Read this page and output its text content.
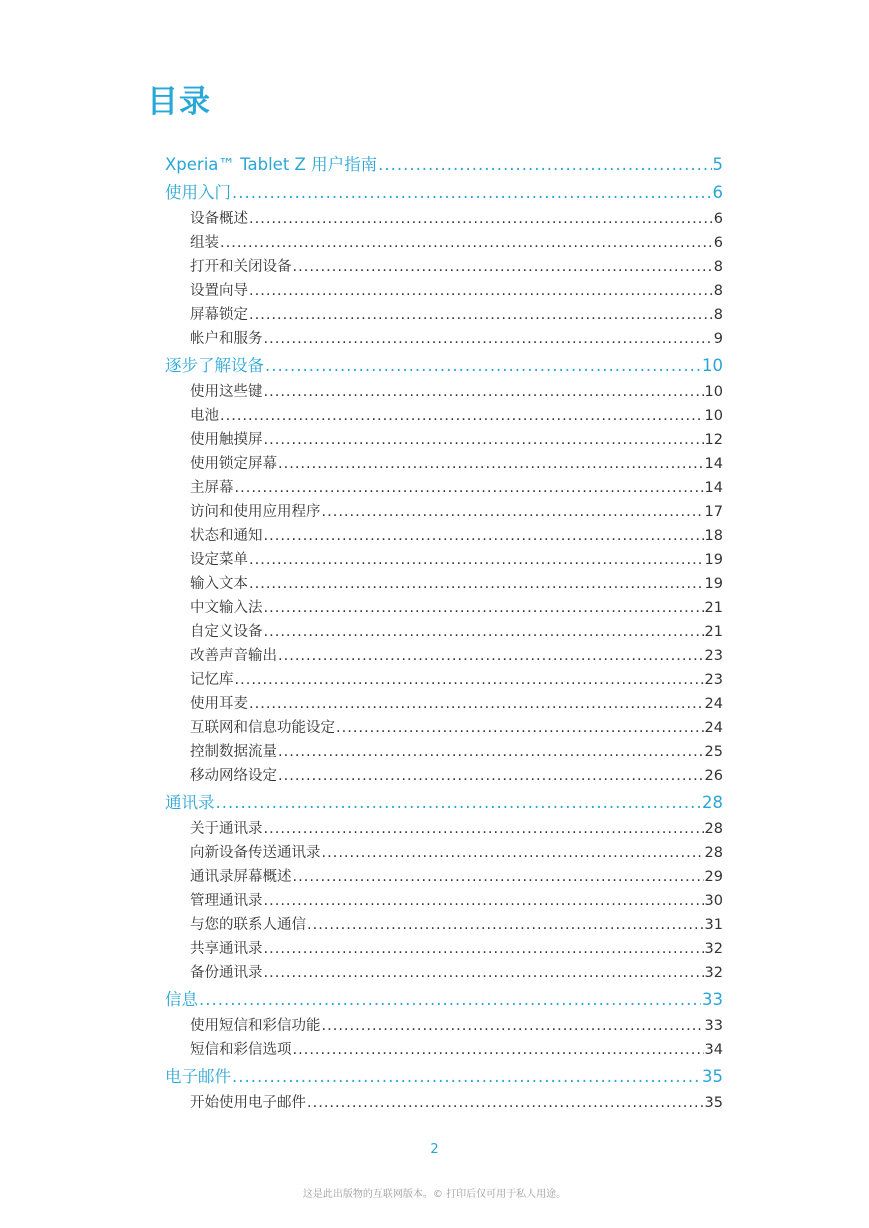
目录
Xperia™ Tablet Z 用户指南 .....	5
使用入门 .....	6
设备概述 .....	6
组装 .....	6
打开和关闭设备 .....	8
设置向导 .....	8
屏幕锁定 .....	8
帐户和服务 .....	9
逐步了解设备 .....	10
使用这些键 .....	10
电池 .....	10
使用触摸屏 .....	12
使用锁定屏幕 .....	14
主屏幕 .....	14
访问和使用应用程序 .....	17
状态和通知 .....	18
设定菜单 .....	19
输入文本 .....	19
中文输入法 .....	21
自定义设备 .....	21
改善声音输出 .....	23
记忆库 .....	23
使用耳麦 .....	24
互联网和信息功能设定 .....	24
控制数据流量 .....	25
移动网络设定 .....	26
通讯录 .....	28
关于通讯录 .....	28
向新设备传送通讯录 .....	28
通讯录屏幕概述 .....	29
管理通讯录 .....	30
与您的联系人通信 .....	31
共享通讯录 .....	32
备份通讯录 .....	32
信息 .....	33
使用短信和彩信功能 .....	33
短信和彩信选项 .....	34
电子邮件 .....	35
开始使用电子邮件 .....	35
2
这是此出版物的互联网版本。© 打印后仅可用于私人用途。
